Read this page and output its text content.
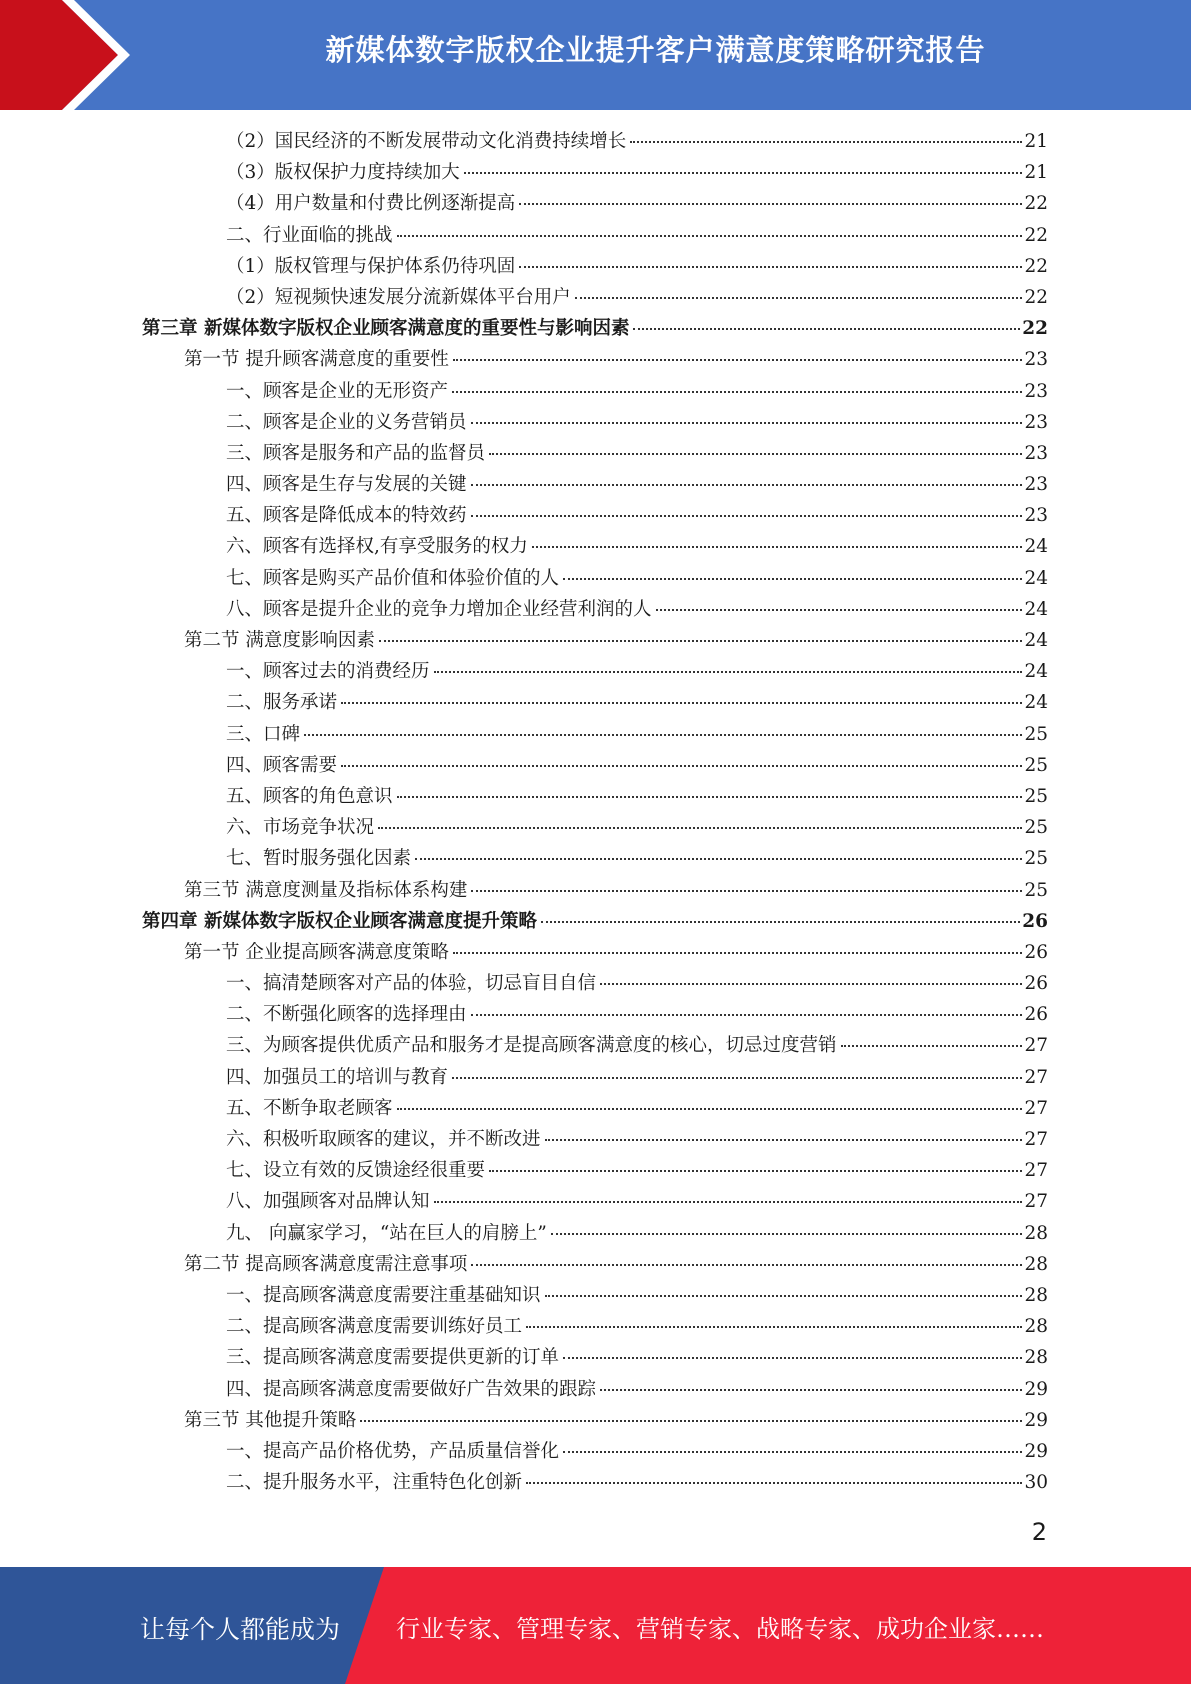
新媒体数字版权企业提升客户满意度策略研究报告
（2）国民经济的不断发展带动文化消费持续增长	21
（3）版权保护力度持续加大	21
（4）用户数量和付费比例逐渐提高	22
二、行业面临的挑战	22
（1）版权管理与保护体系仍待巩固	22
（2）短视频快速发展分流新媒体平台用户	22
第三章 新媒体数字版权企业顾客满意度的重要性与影响因素	22
第一节 提升顾客满意度的重要性	23
一、顾客是企业的无形资产	23
二、顾客是企业的义务营销员	23
三、顾客是服务和产品的监督员	23
四、顾客是生存与发展的关键	23
五、顾客是降低成本的特效药	23
六、顾客有选择权,有享受服务的权力	24
七、顾客是购买产品价值和体验价值的人	24
八、顾客是提升企业的竞争力增加企业经营利润的人	24
第二节 满意度影响因素	24
一、顾客过去的消费经历	24
二、服务承诺	24
三、口碑	25
四、顾客需要	25
五、顾客的角色意识	25
六、市场竞争状况	25
七、暂时服务强化因素	25
第三节 满意度测量及指标体系构建	25
第四章 新媒体数字版权企业顾客满意度提升策略	26
第一节 企业提高顾客满意度策略	26
一、搞清楚顾客对产品的体验，切忌盲目自信	26
二、不断强化顾客的选择理由	26
三、为顾客提供优质产品和服务才是提高顾客满意度的核心，切忌过度营销	27
四、加强员工的培训与教育	27
五、不断争取老顾客	27
六、积极听取顾客的建议，并不断改进	27
七、设立有效的反馈途经很重要	27
八、加强顾客对品牌认知	27
九、 向赢家学习，“站在巨人的肩膀上”	28
第二节 提高顾客满意度需注意事项	28
一、提高顾客满意度需要注重基础知识	28
二、提高顾客满意度需要训练好员工	28
三、提高顾客满意度需要提供更新的订单	28
四、提高顾客满意度需要做好广告效果的跟踪	29
第三节 其他提升策略	29
一、提高产品价格优势，产品质量信誉化	29
二、提升服务水平，注重特色化创新	30
2
让每个人都能成为 行业专家、管理专家、营销专家、战略专家、成功企业家……
